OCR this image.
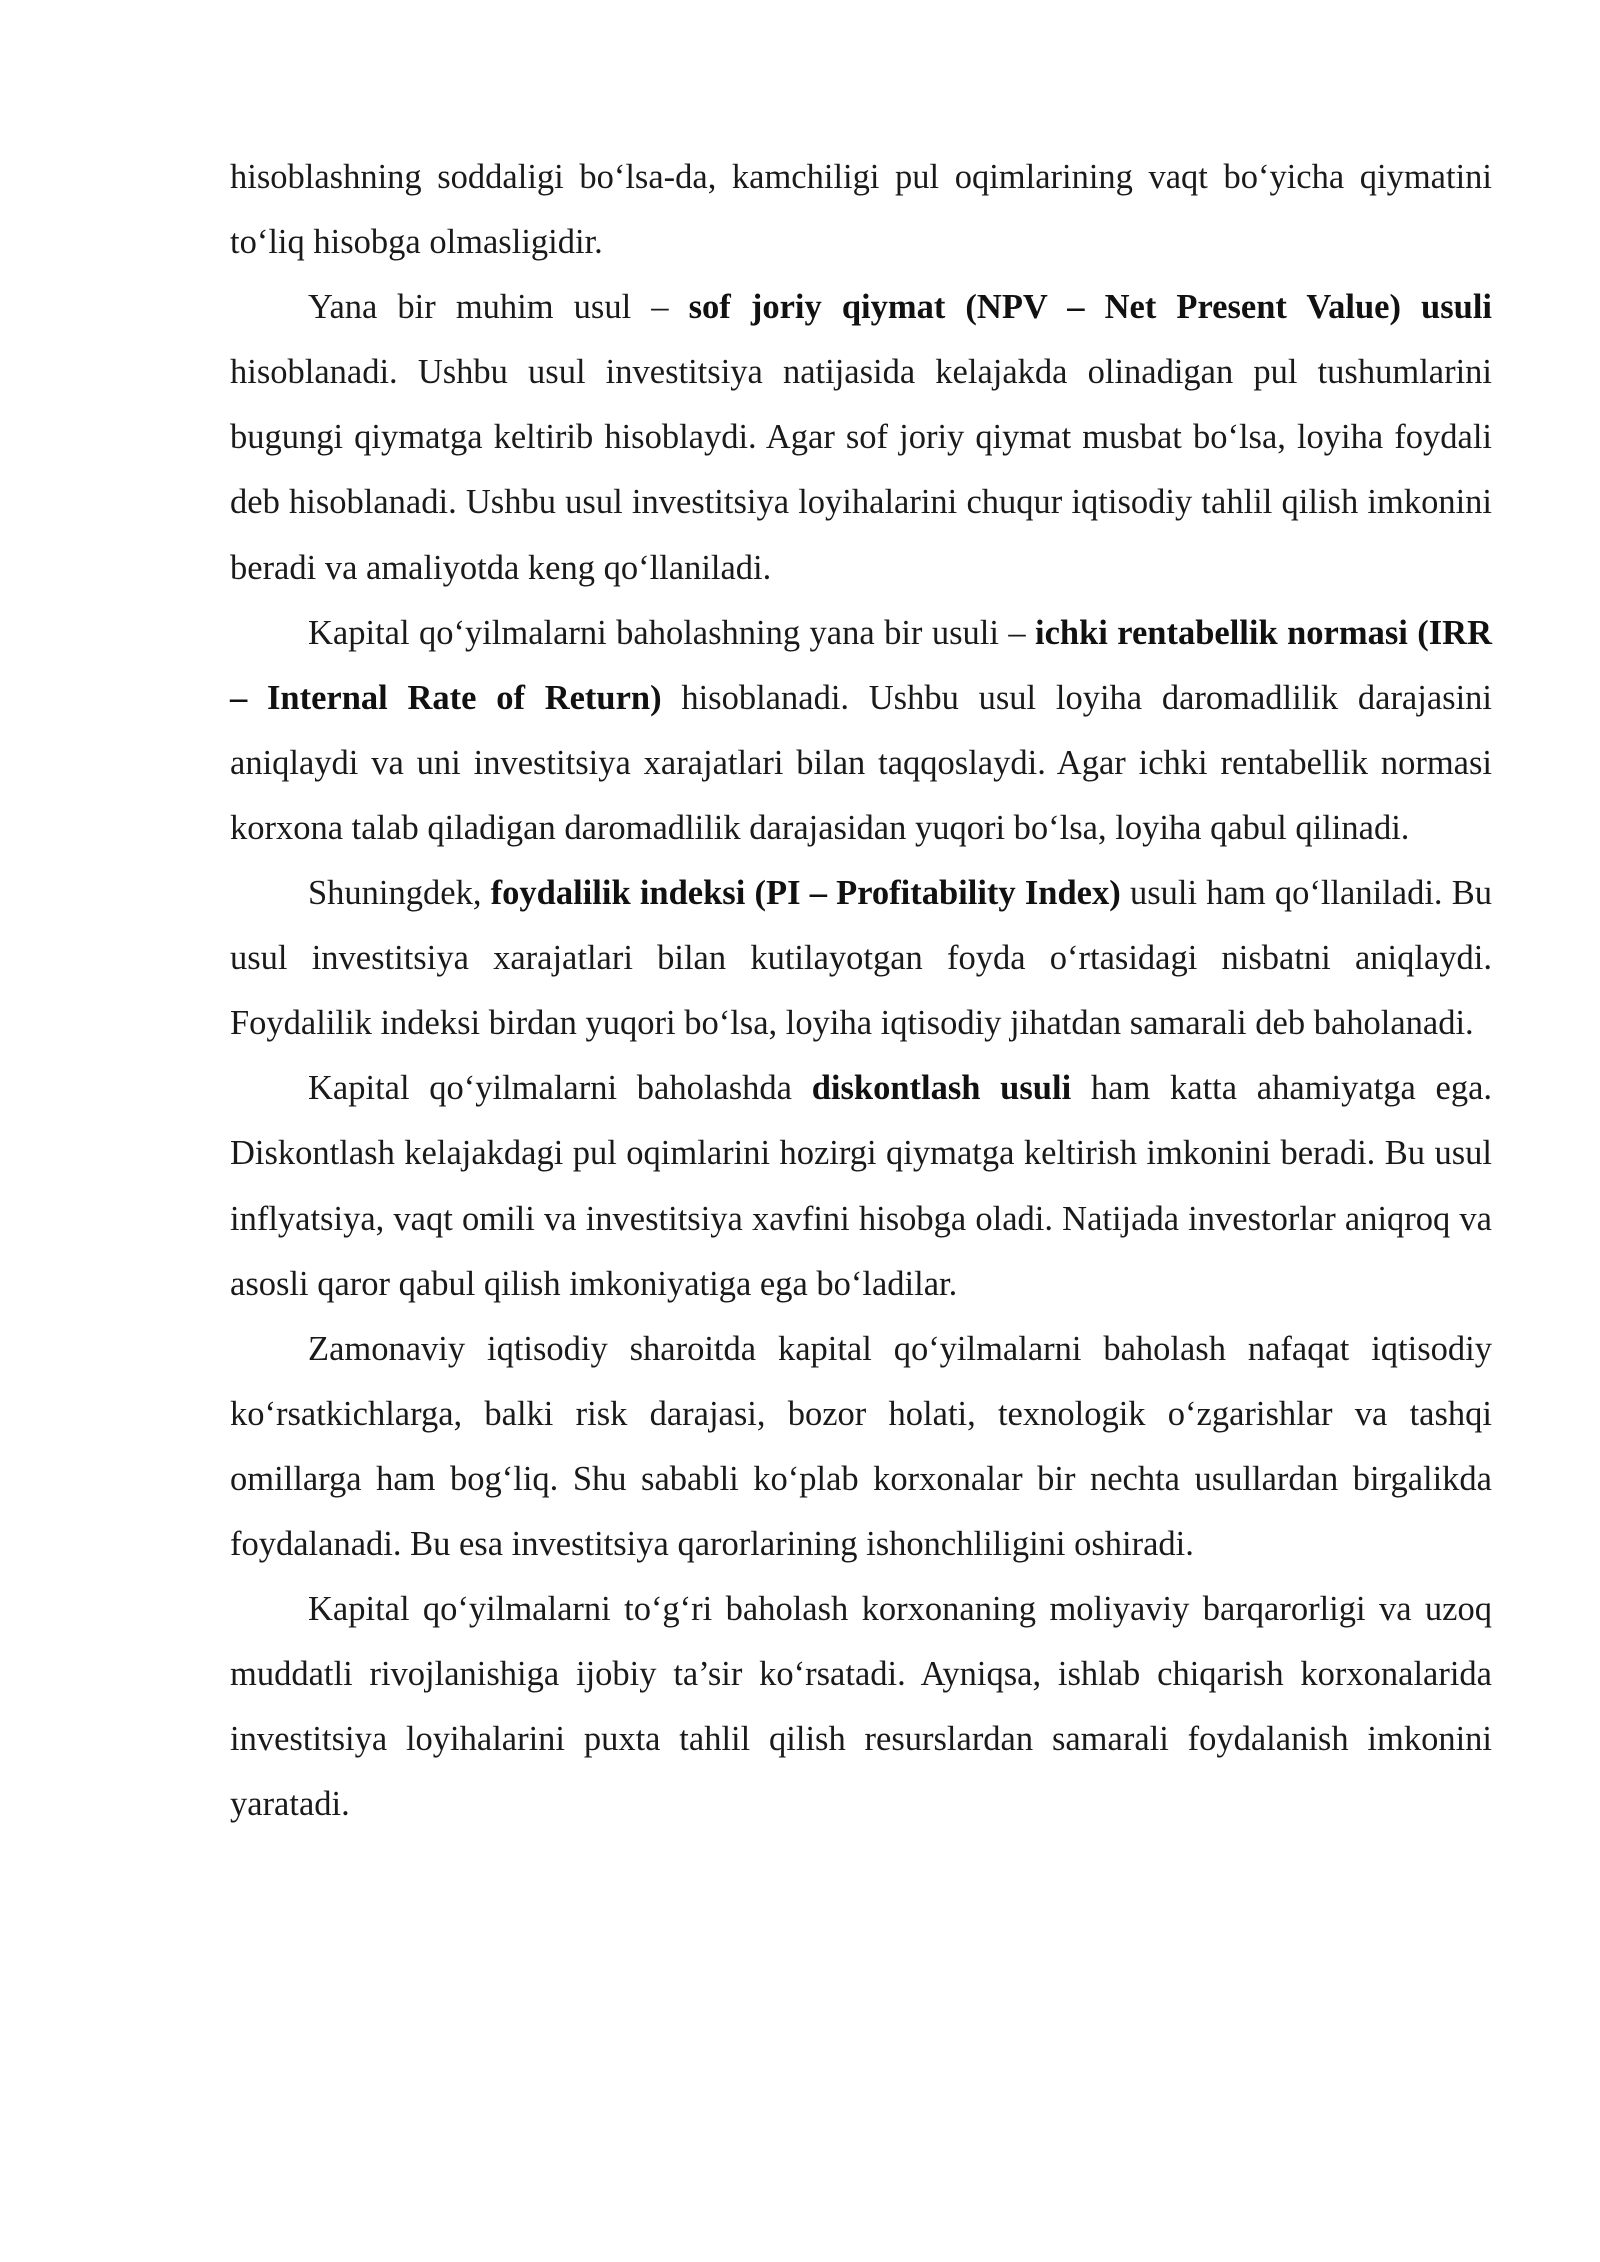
hisoblashning soddaligi bo‘lsa-da, kamchiligi pul oqimlarining vaqt bo‘yicha qiymatini to‘liq hisobga olmasligidir.

Yana bir muhim usul – sof joriy qiymat (NPV – Net Present Value) usuli hisoblanadi. Ushbu usul investitsiya natijasida kelajakda olinadigan pul tushumlarini bugungi qiymatga keltirib hisoblaydi. Agar sof joriy qiymat musbat bo‘lsa, loyiha foydali deb hisoblanadi. Ushbu usul investitsiya loyihalarini chuqur iqtisodiy tahlil qilish imkonini beradi va amaliyotda keng qo‘llaniladi.

Kapital qo‘yilmalarni baholashning yana bir usuli – ichki rentabellik normasi (IRR – Internal Rate of Return) hisoblanadi. Ushbu usul loyiha daromadlilik darajasini aniqlaydi va uni investitsiya xarajatlari bilan taqqoslaydi. Agar ichki rentabellik normasi korxona talab qiladigan daromadlilik darajasidan yuqori bo‘lsa, loyiha qabul qilinadi.

Shuningdek, foydalilik indeksi (PI – Profitability Index) usuli ham qo‘llaniladi. Bu usul investitsiya xarajatlari bilan kutilayotgan foyda o‘rtasidagi nisbatni aniqlaydi. Foydalilik indeksi birdan yuqori bo‘lsa, loyiha iqtisodiy jihatdan samarali deb baholanadi.

Kapital qo‘yilmalarni baholashda diskontlash usuli ham katta ahamiyatga ega. Diskontlash kelajakdagi pul oqimlarini hozirgi qiymatga keltirish imkonini beradi. Bu usul inflyatsiya, vaqt omili va investitsiya xavfini hisobga oladi. Natijada investorlar aniqroq va asosli qaror qabul qilish imkoniyatiga ega bo‘ladilar.

Zamonaviy iqtisodiy sharoitda kapital qo‘yilmalarni baholash nafaqat iqtisodiy ko‘rsatkichlarga, balki risk darajasi, bozor holati, texnologik o‘zgarishlar va tashqi omillarga ham bog‘liq. Shu sababli ko‘plab korxonalar bir nechta usullardan birgalikda foydalanadi. Bu esa investitsiya qarorlarining ishonchliligini oshiradi.

Kapital qo‘yilmalarni to‘g‘ri baholash korxonaning moliyaviy barqarorligi va uzoq muddatli rivojlanishiga ijobiy ta’sir ko‘rsatadi. Ayniqsa, ishlab chiqarish korxonalarida investitsiya loyihalarini puxta tahlil qilish resurslardan samarali foydalanish imkonini yaratadi.
